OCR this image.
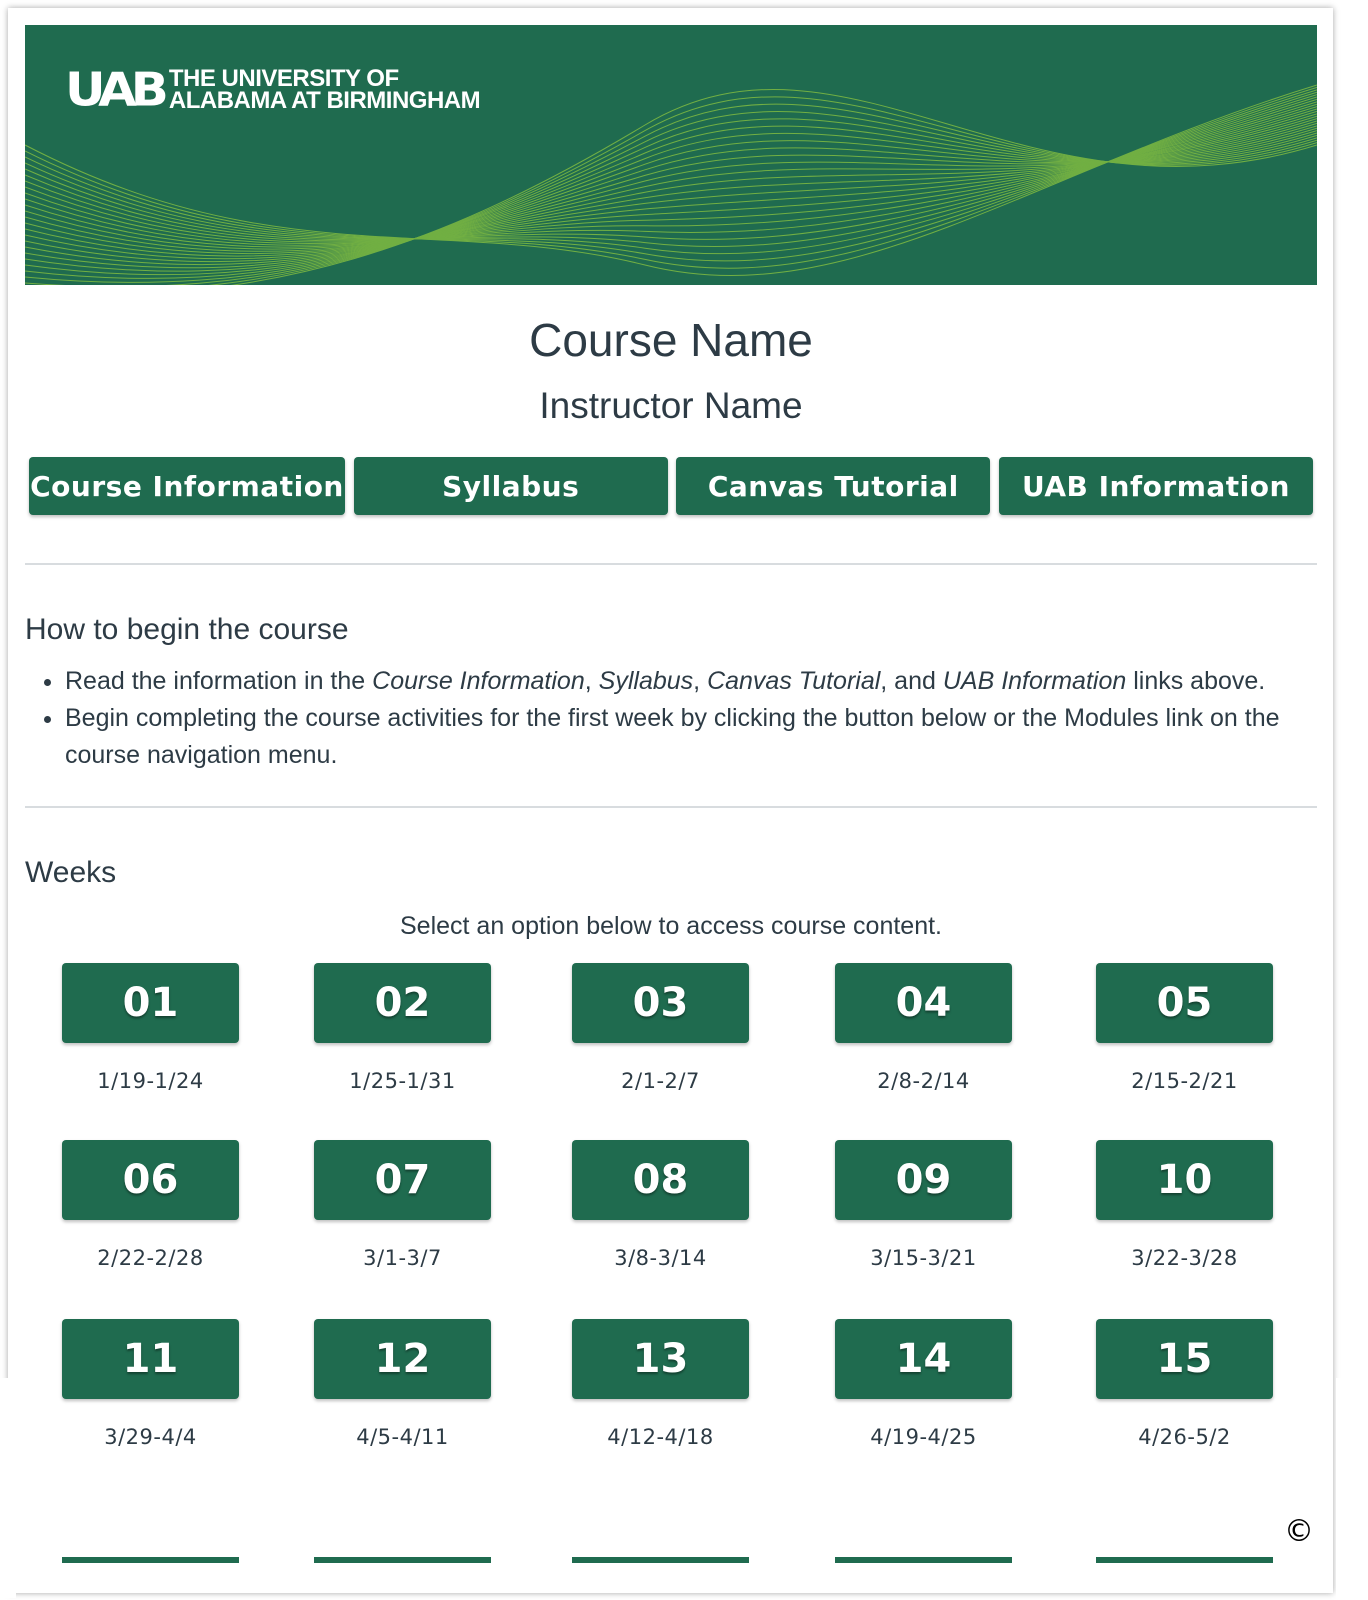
UAB THE UNIVERSITY OF
ALABAMA AT BIRMINGHAM
Course Name
Instructor Name
Course Information	Syllabus	Canvas Tutorial	UAB Information
How to begin the course
• Read the information in the Course Information, Syllabus, Canvas Tutorial, and UAB Information links above.
• Begin completing the course activities for the first week by clicking the button below or the Modules link on the course navigation menu.
Weeks
Select an option below to access course content.
01
1/19-1/24
02
1/25-1/31
03
2/1-2/7
04
2/8-2/14
05
2/15-2/21
06
2/22-2/28
07
3/1-3/7
08
3/8-3/14
09
3/15-3/21
10
3/22-3/28
11
3/29-4/4
12
4/5-4/11
13
4/12-4/18
14
4/19-4/25
15
4/26-5/2
©
